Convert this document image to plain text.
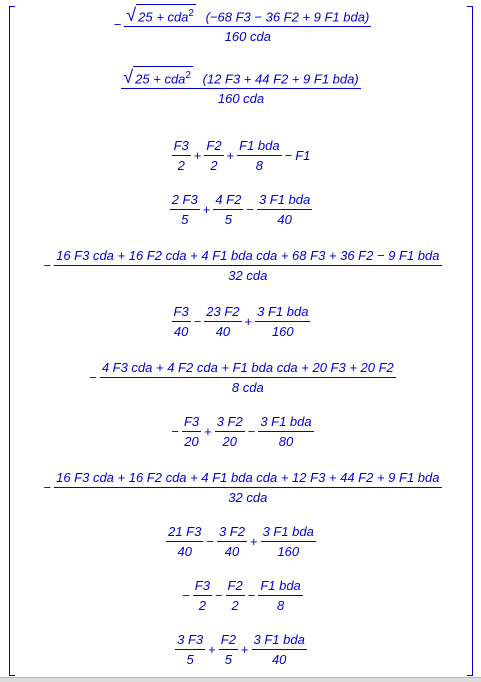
− $\frac{√ 25 + cda^2 (-68 F3 - 36 F2 + 9 F1 bda)}{\text{160 cda}}$
$\frac{√ 25 + cda^2 (12 F3 + 44 F2 + 9 F1 bda)}{\text{160 cda}}$
$\frac{F3}{2} + \frac{F2}{2} + \frac{\text{F1 bda}}{8} - F1$
$\frac{2 F3}{5} + \frac{4 F2}{5} - \frac{\text{3 F1 bda}}{40}$
−
16 F3 cda + 16 F2 cda + 4 F1 bda cda + 68 F3 + 36 F2 − 9 F1 bda
32 cda
$\frac{F3}{40} - \frac{23 F2}{40} + \frac{\text{3 F1 bda}}{160}$
− $\frac{\text{4 F3 cda + 4 F2 cda + F1 bda cda + 20 F3 + 20 F2}}{\text{8 cda}}$
− $\frac{F3}{20} + \frac{3 F2}{20} - \frac{\text{3 F1 bda}}{80}$
−
16 F3 cda + 16 F2 cda + 4 F1 bda cda + 12 F3 + 44 F2 + 9 F1 bda
32 cda
$\frac{21 F3}{40} - \frac{3 F2}{40} + \frac{\text{3 F1 bda}}{160}$
− $\frac{F3}{2} - \frac{F2}{2} - \frac{\text{F1 bda}}{8}$
$\frac{3 F3}{5} + \frac{F2}{5} + \frac{\text{3 F1 bda}}{40}$
